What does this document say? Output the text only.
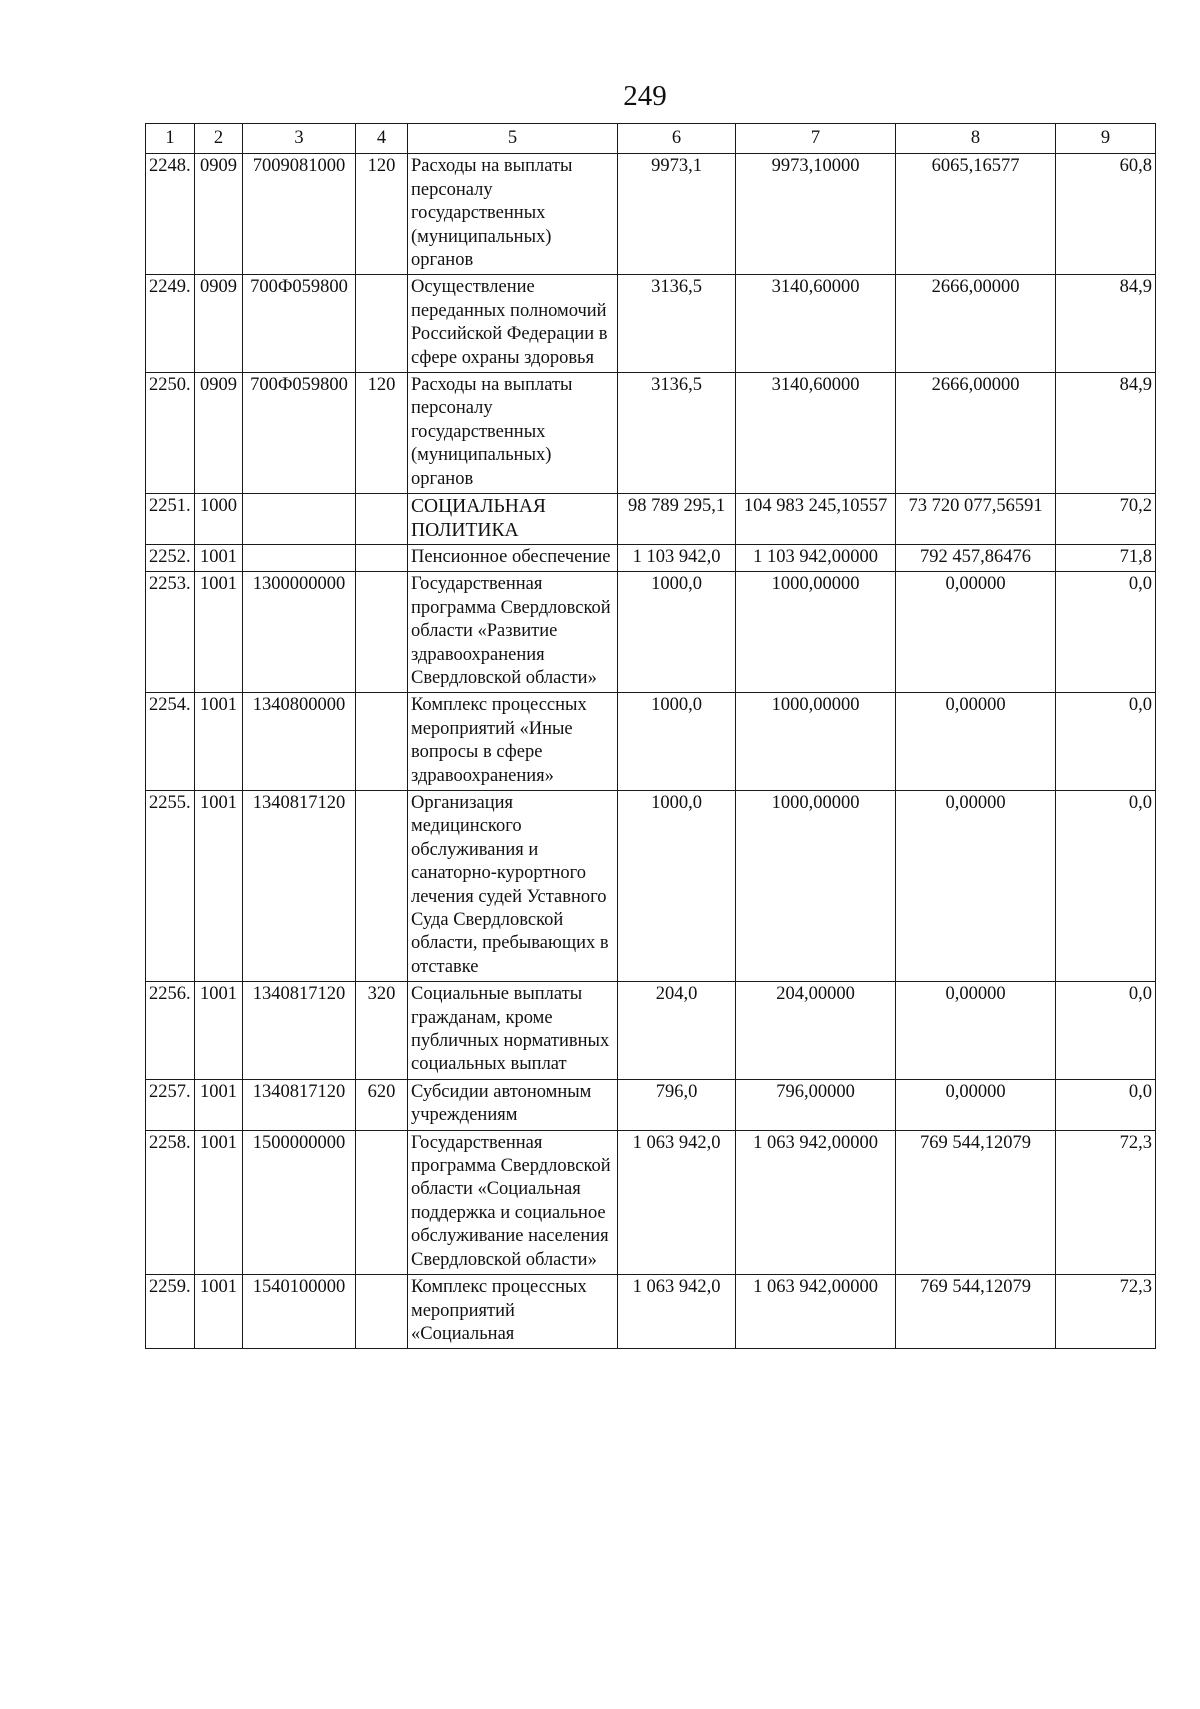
249
1	2	3	4	5	6	7	8	9
2248.	0909	7009081000	120	Расходы на выплаты персоналу государственных (муниципальных) органов	9973,1	9973,10000	6065,16577	60,8
2249.	0909	700Ф059800		Осуществление переданных полномочий Российской Федерации в сфере охраны здоровья	3136,5	3140,60000	2666,00000	84,9
2250.	0909	700Ф059800	120	Расходы на выплаты персоналу государственных (муниципальных) органов	3136,5	3140,60000	2666,00000	84,9
2251.	1000			СОЦИАЛЬНАЯ ПОЛИТИКА	98 789 295,1	104 983 245,10557	73 720 077,56591	70,2
2252.	1001			Пенсионное обеспечение	1 103 942,0	1 103 942,00000	792 457,86476	71,8
2253.	1001	1300000000		Государственная программа Свердловской области «Развитие здравоохранения Свердловской области»	1000,0	1000,00000	0,00000	0,0
2254.	1001	1340800000		Комплекс процессных мероприятий «Иные вопросы в сфере здравоохранения»	1000,0	1000,00000	0,00000	0,0
2255.	1001	1340817120		Организация медицинского обслуживания и санаторно-курортного лечения судей Уставного Суда Свердловской области, пребывающих в отставке	1000,0	1000,00000	0,00000	0,0
2256.	1001	1340817120	320	Социальные выплаты гражданам, кроме публичных нормативных социальных выплат	204,0	204,00000	0,00000	0,0
2257.	1001	1340817120	620	Субсидии автономным учреждениям	796,0	796,00000	0,00000	0,0
2258.	1001	1500000000		Государственная программа Свердловской области «Социальная поддержка и социальное обслуживание населения Свердловской области»	1 063 942,0	1 063 942,00000	769 544,12079	72,3
2259.	1001	1540100000		Комплекс процессных мероприятий «Социальная	1 063 942,0	1 063 942,00000	769 544,12079	72,3
